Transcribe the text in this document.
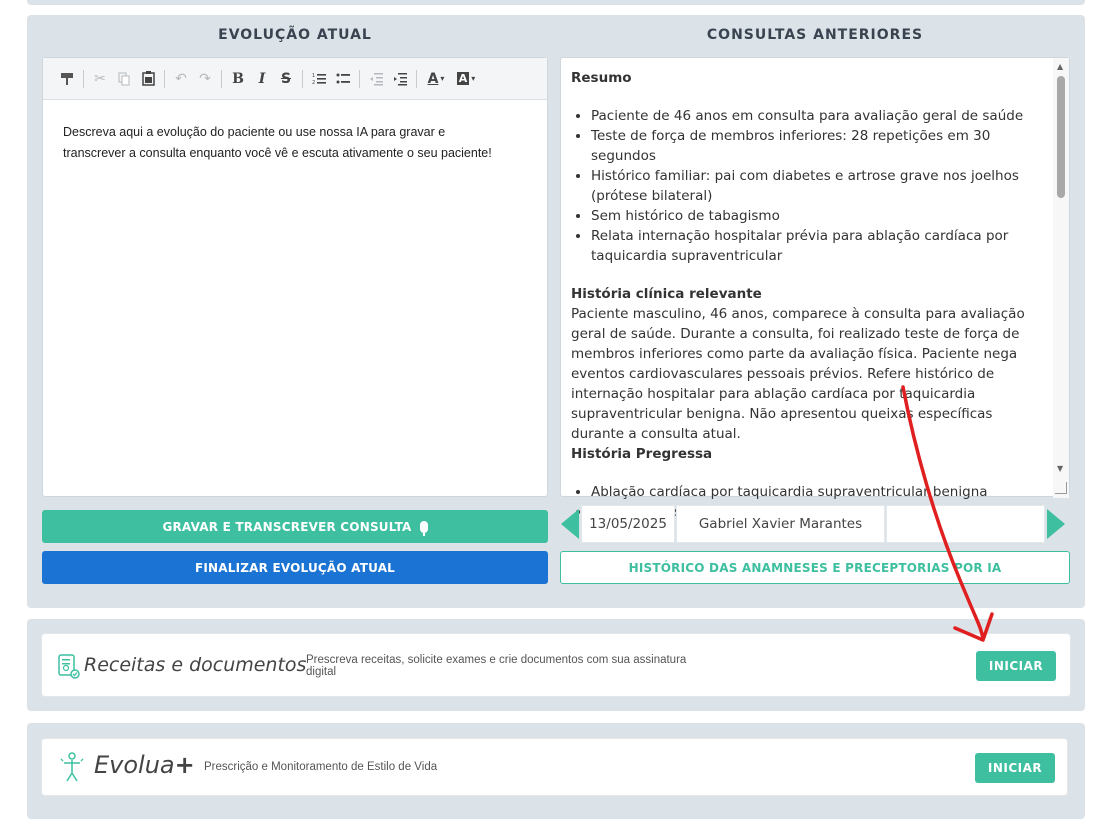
EVOLUÇÃO ATUAL	CONSULTAS ANTERIORES
✂	↶ ↷	B	I	S	1
2	A ▾ A ▾
Descreva aqui a evolução do paciente ou use nossa IA para gravar e
transcrever a consulta enquanto você vê e escuta ativamente o seu paciente!
Resumo
• Paciente de 46 anos em consulta para avaliação geral de saúde
• Teste de força de membros inferiores: 28 repetições em 30 segundos
• Histórico familiar: pai com diabetes e artrose grave nos joelhos (prótese bilateral)
• Sem histórico de tabagismo
• Relata internação hospitalar prévia para ablação cardíaca por taquicardia supraventricular
História clínica relevante

Paciente masculino, 46 anos, comparece à consulta para avaliação geral de saúde. Durante a consulta, foi realizado teste de força de membros inferiores como parte da avaliação física. Paciente nega eventos cardiovasculares pessoais prévios. Refere histórico de internação hospitalar para ablação cardíaca por taquicardia supraventricular benigna. Não apresentou queixas específicas durante a consulta atual.

História Pregressa
• Ablação cardíaca por taquicardia supraventricular benigna
•
▲
▼
GRAVAR E TRANSCREVER CONSULTA
FINALIZAR EVOLUÇÃO ATUAL
13/05/2025	Gabriel Xavier Marantes
HISTÓRICO DAS ANAMNESES E PRECEPTORIAS POR IA
Receitas e documentos Prescreva receitas, solicite exames e crie documentos com sua assinatura
digital	INICIAR
Evolua+ Prescrição e Monitoramento de Estilo de Vida	INICIAR
